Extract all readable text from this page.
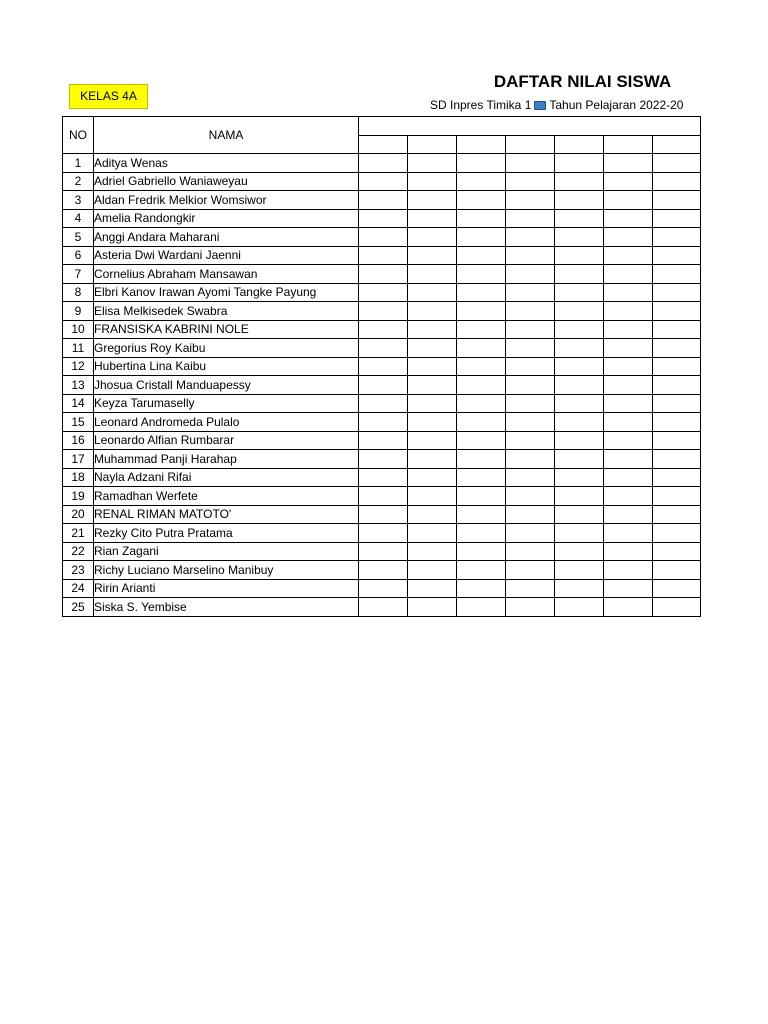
KELAS 4A
DAFTAR NILAI SISWA
SD Inpres Timika 1 Tahun Pelajaran 2022-20
NO	NAMA							

1	Aditya Wenas							
2	Adriel Gabriello Waniaweyau							
3	Aldan Fredrik Melkior Womsiwor							
4	Amelia Randongkir							
5	Anggi Andara Maharani							
6	Asteria Dwi Wardani Jaenni							
7	Cornelius Abraham Mansawan							
8	Elbri Kanov Irawan Ayomi Tangke Payung							
9	Elisa Melkisedek Swabra							
10	FRANSISKA KABRINI NOLE							
11	Gregorius Roy Kaibu							
12	Hubertina Lina Kaibu							
13	Jhosua Cristall Manduapessy							
14	Keyza Tarumaselly							
15	Leonard Andromeda Pulalo							
16	Leonardo Alfian Rumbarar							
17	Muhammad Panji Harahap							
18	Nayla Adzani Rifai							
19	Ramadhan Werfete							
20	RENAL RIMAN MATOTO'							
21	Rezky Cito Putra Pratama							
22	Rian Zagani							
23	Richy Luciano Marselino Manibuy							
24	Ririn Arianti							
25	Siska S. Yembise							
